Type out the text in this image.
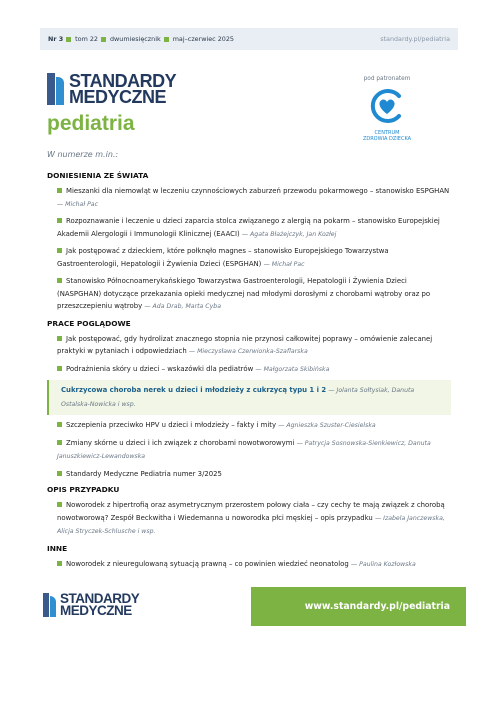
Nr 3 tom 22 dwumiesięcznik maj–czerwiec 2025	standardy.pl/pediatria
STANDARDY
MEDYCZNE
pediatria
pod patronatem
CENTRUM
ZDROWIA DZIECKA
W numerze m.in.:
DONIESIENIA ZE ŚWIATA
Mieszanki dla niemowląt w leczeniu czynnościowych zaburzeń przewodu pokarmowego – stanowisko ESPGHAN — Michał Pac
Rozpoznawanie i leczenie u dzieci zaparcia stolca związanego z alergią na pokarm – stanowisko Europejskiej Akademii Alergologii i Immunologii Klinicznej (EAACI) — Agata Błażejczyk, Jan Kozłej
Jak postępować z dzieckiem, które połknęło magnes – stanowisko Europejskiego Towarzystwa Gastroenterologii, Hepatologii i Żywienia Dzieci (ESPGHAN) — Michał Pac
Stanowisko Północnoamerykańskiego Towarzystwa Gastroenterologii, Hepatologii i Żywienia Dzieci (NASPGHAN) dotyczące przekazania opieki medycznej nad młodymi dorosłymi z chorobami wątroby oraz po przeszczepieniu wątroby — Ada Drab, Marta Cyba
PRACE POGLĄDOWE
Jak postępować, gdy hydrolizat znacznego stopnia nie przynosi całkowitej poprawy – omówienie zalecanej praktyki w pytaniach i odpowiedziach — Mieczysława Czerwionka-Szaflarska
Podrażnienia skóry u dzieci – wskazówki dla pediatrów — Małgorzata Skibińska
Cukrzycowa choroba nerek u dzieci i młodzieży z cukrzycą typu 1 i 2 — Jolanta Sołtysiak, Danuta Ostalska-Nowicka i wsp.
Szczepienia przeciwko HPV u dzieci i młodzieży – fakty i mity — Agnieszka Szuster-Ciesielska
Zmiany skórne u dzieci i ich związek z chorobami nowotworowymi — Patrycja Sosnowska-Sienkiewicz, Danuta Januszkiewicz-Lewandowska
Standardy Medyczne Pediatria numer 3/2025
OPIS PRZYPADKU
Noworodek z hipertrofią oraz asymetrycznym przerostem połowy ciała – czy cechy te mają związek z chorobą nowotworową? Zespół Beckwitha i Wiedemanna u noworodka płci męskiej – opis przypadku — Izabela Janczewska, Alicja Stryczek-Schlusche i wsp.
INNE
Noworodek z nieuregulowaną sytuacją prawną – co powinien wiedzieć neonatolog — Paulina Kozłowska
STANDARDY
MEDYCZNE	www.standardy.pl/pediatria
